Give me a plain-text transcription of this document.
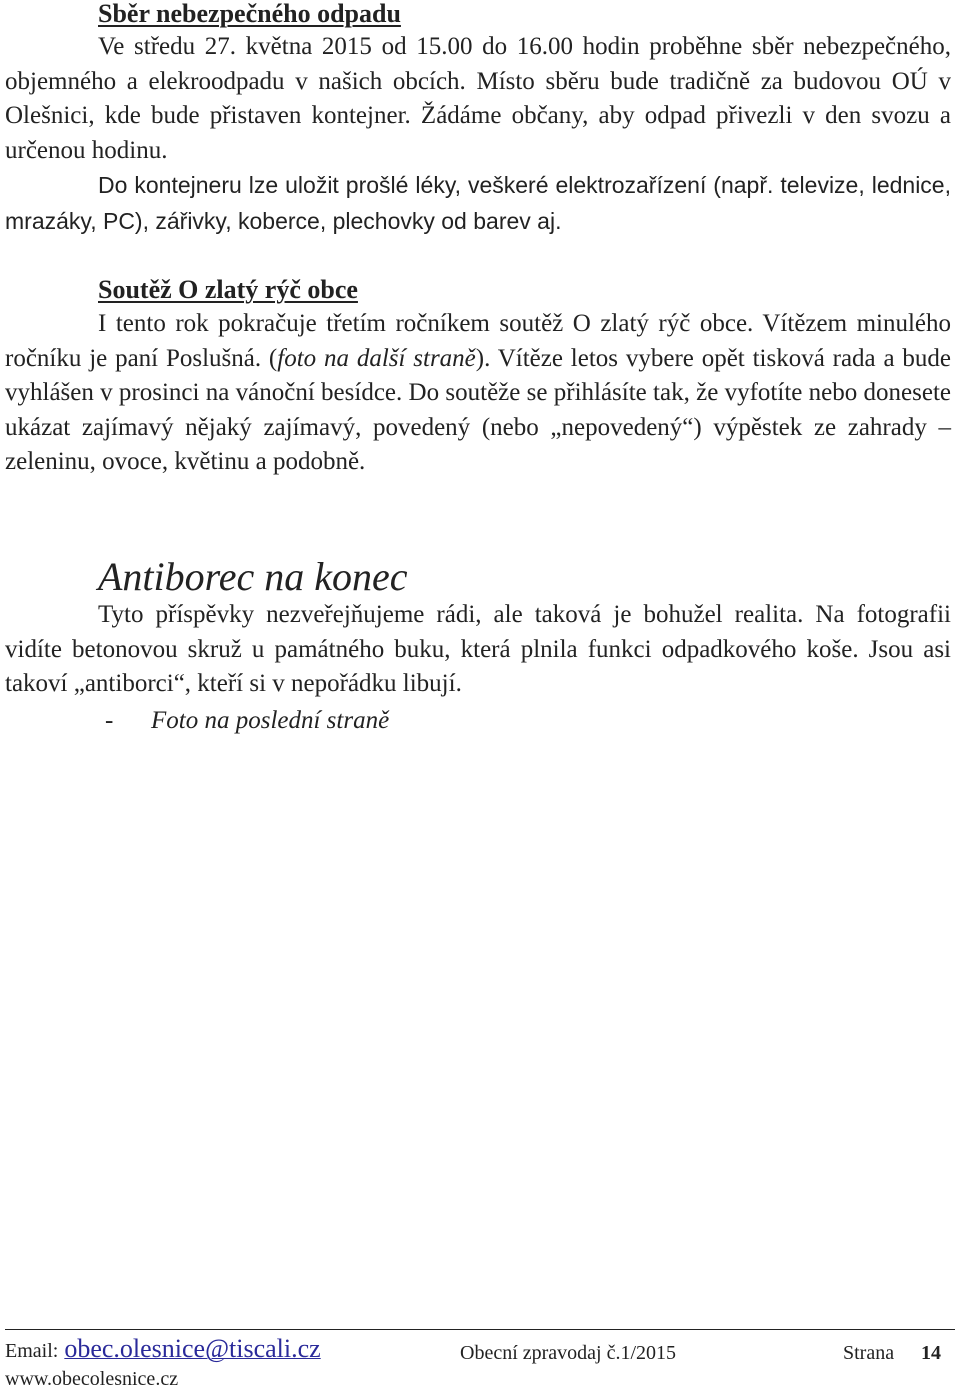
Sběr nebezpečného odpadu

Ve středu 27. května 2015 od 15.00 do 16.00 hodin proběhne sběr nebezpečného, objemného a elekroodpadu v našich obcích. Místo sběru bude tradičně za budovou OÚ v Olešnici, kde bude přistaven kontejner. Žádáme občany, aby odpad přivezli v den svozu a určenou hodinu.
Do kontejneru lze uložit prošlé léky, veškeré elektrozařízení (např. televize, lednice, mrazáky, PC), zářivky, koberce, plechovky od barev aj.

Soutěž O zlatý rýč obce

I tento rok pokračuje třetím ročníkem soutěž O zlatý rýč obce. Vítězem minulého ročníku je paní Poslušná. (foto na další straně). Vítěze letos vybere opět tisková rada a bude vyhlášen v prosinci na vánoční besídce. Do soutěže se přihlásíte tak, že vyfotíte nebo donesete ukázat zajímavý nějaký zajímavý, povedený (nebo „nepovedený“) výpěstek ze zahrady – zeleninu, ovoce, květinu a podobně.

Antiborec na konec

Tyto příspěvky nezveřejňujeme rádi, ale taková je bohužel realita. Na fotografii vidíte betonovou skruž u památného buku, která plnila funkci odpadkového koše. Jsou asi takoví „antiborci“, kteří si v nepořádku libují.

- Foto na poslední straně
Email: obec.olesnice@tiscali.cz	Obecní zpravodaj č.1/2015	Strana 14
www.obecolesnice.cz
